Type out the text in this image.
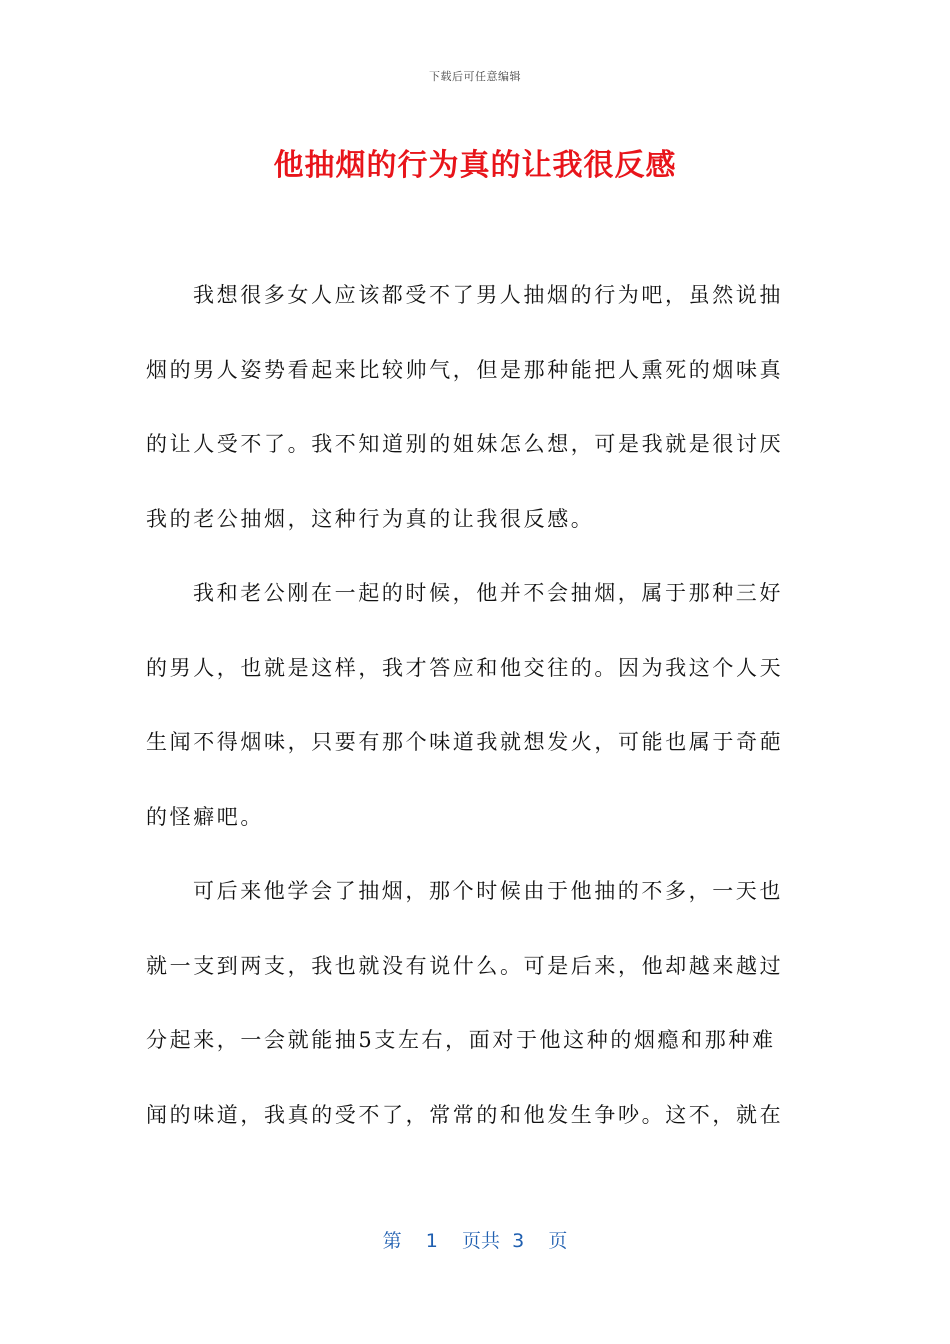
下载后可任意编辑
他抽烟的行为真的让我很反感
我想很多女人应该都受不了男人抽烟的行为吧，虽然说抽
烟的男人姿势看起来比较帅气，但是那种能把人熏死的烟味真
的让人受不了。我不知道别的姐妹怎么想，可是我就是很讨厌
我的老公抽烟，这种行为真的让我很反感。
我和老公刚在一起的时候，他并不会抽烟，属于那种三好
的男人，也就是这样，我才答应和他交往的。因为我这个人天
生闻不得烟味，只要有那个味道我就想发火，可能也属于奇葩
的怪癖吧。
可后来他学会了抽烟，那个时候由于他抽的不多，一天也
就一支到两支，我也就没有说什么。可是后来，他却越来越过
分起来，一会就能抽5支左右，面对于他这种的烟瘾和那种难
闻的味道，我真的受不了，常常的和他发生争吵。这不，就在
第 1 页共 3 页
